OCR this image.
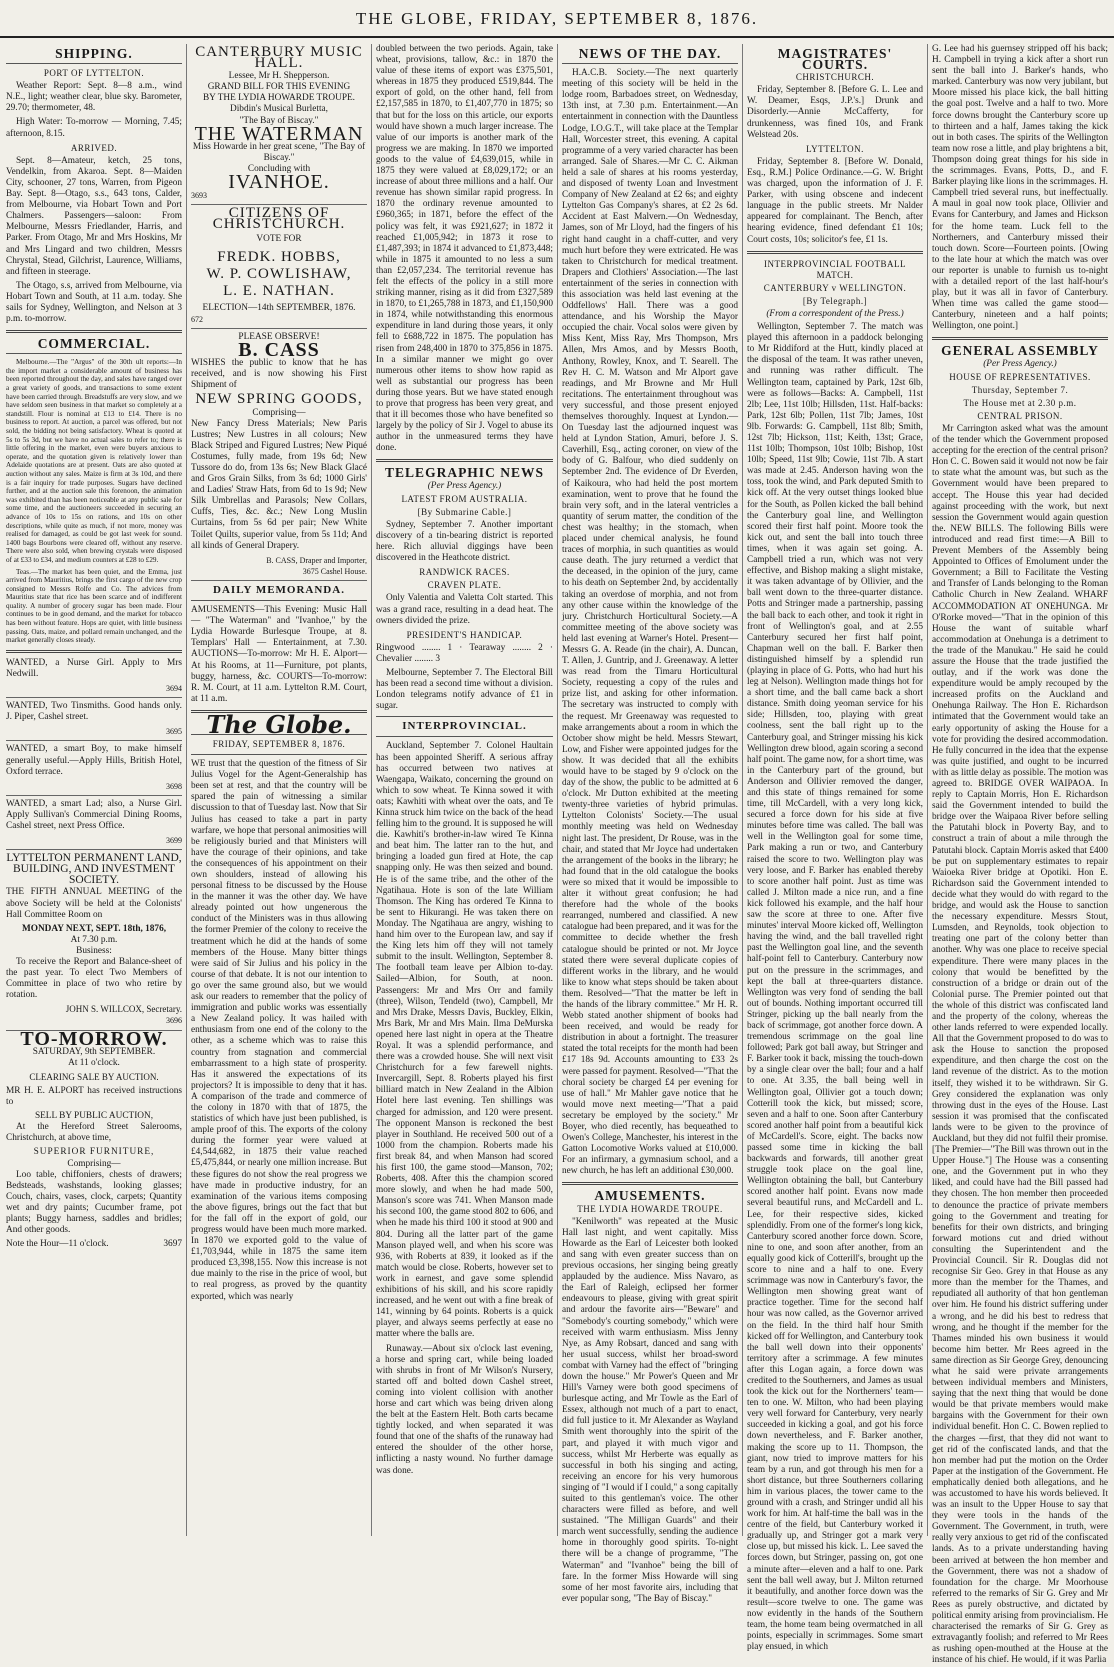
THE GLOBE, FRIDAY, SEPTEMBER 8, 1876.
SHIPPING.
PORT OF LYTTELTON.

Weather Report: Sept. 8—8 a.m., wind N.E., light; weather clear, blue sky. Barometer, 29.70; thermometer, 48.

High Water: To-morrow — Morning, 7.45; afternoon, 8.15.

ARRIVED.

Sept. 8—Amateur, ketch, 25 tons, Vendelkin, from Akaroa. Sept. 8—Maiden City, schooner, 27 tons, Warren, from Pigeon Bay. Sept. 8—Otago, s.s., 643 tons, Calder, from Melbourne, via Hobart Town and Port Chalmers. Passengers—saloon: From Melbourne, Messrs Friedlander, Harris, and Parker. From Otago, Mr and Mrs Hoskins, Mr and Mrs Lingard and two children, Messrs Chrystal, Stead, Gilchrist, Laurence, Williams, and fifteen in steerage.

The Otago, s.s, arrived from Melbourne, via Hobart Town and South, at 11 a.m. today. She sails for Sydney, Wellington, and Nelson at 3 p.m. to-morrow.

COMMERCIAL.

Melbourne.—The "Argus" of the 30th ult reports:—In the import market a considerable amount of business has been reported throughout the day, and sales have ranged over a great variety of goods, and transactions to some extent have been carried through. Breadstuffs are very slow, and we have seldom seen business in that market so completely at a standstill. Flour is nominal at £13 to £14. There is no business to report. At auction, a parcel was offered, but not sold, the bidding not being satisfactory. Wheat is quoted at 5s to 5s 3d, but we have no actual sales to refer to; there is little offering in the market, even were buyers anxious to operate, and the quotation given is relatively lower than Adelaide quotations are at present. Oats are also quoted at auction without any sales. Maize is firm at 3s 10d, and there is a fair inquiry for trade purposes. Sugars have declined further, and at the auction sale this forenoon, the animation was exhibited than has been noticeable at any public sale for some time, and the auctioneers succeeded in securing an advance of 10s to 15s on rations, and 10s on other descriptions, while quite as much, if not more, money was realised for damaged, as could be got last week for sound. 1400 bags Bourbons were cleared off, without any reserve. There were also sold, when brewing crystals were disposed of at £33 to £34, and medium counters at £28 to £29.

Teas.—The market has been quiet, and the Emma, just arrived from Mauritius, brings the first cargo of the new crop consigned to Messrs Rolfe and Co. The advices from Mauritius state that rice has been scarce and of indifferent quality. A number of grocery sugar has been made. Flour continues to be in good demand, and the market for tobacco has been without feature. Hops are quiet, with little business passing. Oats, maize, and pollard remain unchanged, and the market generally closes steady.

WANTED, a Nurse Girl. Apply to Mrs Nedwill.

3694

WANTED, Two Tinsmiths. Good hands only. J. Piper, Cashel street.

3695

WANTED, a smart Boy, to make himself generally useful.—Apply Hills, British Hotel, Oxford terrace.

3698

WANTED, a smart Lad; also, a Nurse Girl. Apply Sullivan's Commercial Dining Rooms, Cashel street, next Press Office.

3699
LYTTELTON PERMANENT LAND, BUILDING, AND INVESTMENT SOCIETY.

THE FIFTH ANNUAL MEETING of the above Society will be held at the Colonists' Hall Committee Room on

MONDAY NEXT, SEPT. 18th, 1876,
At 7.30 p.m.
Business:

To receive the Report and Balance-sheet of the past year. To elect Two Members of Committee in place of two who retire by rotation.

JOHN S. WILLCOX, Secretary.
3696
TO-MORROW.
SATURDAY, 9th SEPTEMBER.
At 11 o'clock.
CLEARING SALE BY AUCTION.

MR H. E. ALPORT has received instructions to

SELL BY PUBLIC AUCTION,

At the Hereford Street Salerooms, Christchurch, at above time,

SUPERIOR FURNITURE,
Comprising—

Loo table, chiffoniers, chests of drawers; Bedsteads, washstands, looking glasses; Couch, chairs, vases, clock, carpets; Quantity wet and dry paints; Cucumber frame, pot plants; Buggy harness, saddles and bridles; And other goods.

Note the Hour—11 o'clock.	3697
CANTERBURY MUSIC HALL.
Lessee, Mr H. Shepperson.
GRAND BILL FOR THIS EVENING
BY THE LYDIA HOWARDE TROUPE.
Dibdin's Musical Burletta,
"The Bay of Biscay."
THE WATERMAN
Miss Howarde in her great scene, "The Bay of Biscay."
Concluding with
IVANHOE.
3693
CITIZENS OF CHRISTCHURCH.
VOTE FOR
FREDK. HOBBS,
W. P. COWLISHAW,
L. E. NATHAN.
ELECTION—14th SEPTEMBER, 1876.
672
PLEASE OBSERVE!
B. CASS

WISHES the public to know that he has received, and is now showing his First Shipment of

NEW SPRING GOODS,
Comprising—

New Fancy Dress Materials; New Paris Lustres; New Lustres in all colours; New Black Striped and Figured Lustres; New Piqué Costumes, fully made, from 19s 6d; New Tussore do do, from 13s 6s; New Black Glacé and Gros Grain Silks, from 3s 6d; 1000 Girls' and Ladies' Straw Hats, from 6d to 1s 9d; New Silk Umbrellas and Parasols; New Collars, Cuffs, Ties, &c. &c.; New Long Muslin Curtains, from 5s 6d per pair; New White Toilet Quilts, superior value, from 5s 11d; And all kinds of General Drapery.

B. CASS, Draper and Importer,
3675 Cashel House.
DAILY MEMORANDA.

AMUSEMENTS—This Evening: Music Hall — "The Waterman" and "Ivanhoe," by the Lydia Howarde Burlesque Troupe, at 8. Templars' Hall — Entertainment, at 7.30. AUCTIONS—To-morrow: Mr H. E. Alport—At his Rooms, at 11—Furniture, pot plants, buggy, harness, &c. COURTS—To-morrow: R. M. Court, at 11 a.m. Lyttelton R.M. Court, at 11 a.m.

The Globe.
FRIDAY, SEPTEMBER 8, 1876.

WE trust that the question of the fitness of Sir Julius Vogel for the Agent-Generalship has been set at rest, and that the country will be spared the pain of witnessing a similar discussion to that of Tuesday last. Now that Sir Julius has ceased to take a part in party warfare, we hope that personal animosities will be religiously buried and that Ministers will have the courage of their opinions, and take the consequences of his appointment on their own shoulders, instead of allowing his personal fitness to be discussed by the House in the manner it was the other day. We have already pointed out how ungenerous the conduct of the Ministers was in thus allowing the former Premier of the colony to receive the treatment which he did at the hands of some members of the House. Many bitter things were said of Sir Julius and his policy in the course of that debate. It is not our intention to go over the same ground also, but we would ask our readers to remember that the policy of immigration and public works was essentially a New Zealand policy. It was hailed with enthusiasm from one end of the colony to the other, as a scheme which was to raise this country from stagnation and commercial embarrassment to a high state of prosperity. Has it answered the expectations of its projectors? It is impossible to deny that it has. A comparison of the trade and commerce of the colony in 1870 with that of 1875, the statistics of which have just been published, is ample proof of this. The exports of the colony during the former year were valued at £4,544,682, in 1875 their value reached £5,475,844, or nearly one million increase. But these figures do not show the real progress we have made in productive industry, for an examination of the various items composing the above figures, brings out the fact that but for the fall off in the export of gold, our progress would have been much more marked. In 1870 we exported gold to the value of £1,703,944, while in 1875 the same item produced £3,398,155. Now this increase is not due mainly to the rise in the price of wool, but to real progress, as proved by the quantity exported, which was nearly

doubled between the two periods. Again, take wheat, provisions, tallow, &c.: in 1870 the value of these items of export was £375,501, whereas in 1875 they produced £519,844. The export of gold, on the other hand, fell from £2,157,585 in 1870, to £1,407,770 in 1875; so that but for the loss on this article, our exports would have shown a much larger increase. The value of our imports is another mark of the progress we are making. In 1870 we imported goods to the value of £4,639,015, while in 1875 they were valued at £8,029,172; or an increase of about three millions and a half. Our revenue has shown similar rapid progress. In 1870 the ordinary revenue amounted to £960,365; in 1871, before the effect of the policy was felt, it was £921,627; in 1872 it reached £1,005,942; in 1873 it rose to £1,487,393; in 1874 it advanced to £1,873,448; while in 1875 it amounted to no less a sum than £2,057,234. The territorial revenue has felt the effects of the policy in a still more striking manner, rising as it did from £327,589 in 1870, to £1,265,788 in 1873, and £1,150,900 in 1874, while notwithstanding this enormous expenditure in land during those years, it only fell to £688,722 in 1875. The population has risen from 248,400 in 1870 to 375,856 in 1875. In a similar manner we might go over numerous other items to show how rapid as well as substantial our progress has been during those years. But we have stated enough to prove that progress has been very great, and that it ill becomes those who have benefited so largely by the policy of Sir J. Vogel to abuse its author in the unmeasured terms they have done.

TELEGRAPHIC NEWS
(Per Press Agency.)
LATEST FROM AUSTRALIA.
[By Submarine Cable.]

Sydney, September 7. Another important discovery of a tin-bearing district is reported here. Rich alluvial diggings have been discovered in the Heathcote district.

RANDWICK RACES.
CRAVEN PLATE.

Only Valentia and Valetta Colt started. This was a grand race, resulting in a dead heat. The owners divided the prize.

PRESIDENT'S HANDICAP.

Ringwood ........ 1 · Tearaway ........ 2 · Chevalier ........ 3

Melbourne, September 7. The Electoral Bill has been read a second time without a division. London telegrams notify advance of £1 in sugar.

INTERPROVINCIAL.

Auckland, September 7. Colonel Haultain has been appointed Sheriff. A serious affray has occurred between two natives at Waengapa, Waikato, concerning the ground on which to sow wheat. Te Kinna sowed it with oats; Kawhiti with wheat over the oats, and Te Kinna struck him twice on the back of the head felling him to the ground. It is supposed he will die. Kawhiti's brother-in-law wired Te Kinna and beat him. The latter ran to the hut, and bringing a loaded gun fired at Hote, the cap snapping only. He was then seized and bound. He is of the same tribe, and the other of the Ngatihaua. Hote is son of the late William Thomson. The King has ordered Te Kinna to be sent to Hikurangi. He was taken there on Monday. The Ngatihaua are angry, wishing to hand him over to the European law, and say if the King lets him off they will not tamely submit to the insult. Wellington, September 8. The football team leave per Albion to-day. Sailed—Albion, for South, at noon. Passengers: Mr and Mrs Orr and family (three), Wilson, Tendeld (two), Campbell, Mr and Mrs Drake, Messrs Davis, Buckley, Elkin, Mrs Bark, Mr and Mrs Main. Ilma DeMurska opened here last night in opera at the Theatre Royal. It was a splendid performance, and there was a crowded house. She will next visit Christchurch for a few farewell nights. Invercargill, Sept. 8. Roberts played his first billiard match in New Zealand in the Albion Hotel here last evening. Ten shillings was charged for admission, and 120 were present. The opponent Manson is reckoned the best player in Southland. He received 500 out of a 1000 from the champion. Roberts made his first break 84, and when Manson had scored his first 100, the game stood—Manson, 702; Roberts, 408. After this the champion scored more slowly, and when he had made 500, Manson's score was 741. When Manson made his second 100, the game stood 802 to 606, and when he made his third 100 it stood at 900 and 804. During all the latter part of the game Manson played well, and when his score was 936, with Roberts at 839, it looked as if the match would be close. Roberts, however set to work in earnest, and gave some splendid exhibitions of his skill, and his score rapidly increased, and he went out with a fine break of 141, winning by 64 points. Roberts is a quick player, and always seems perfectly at ease no matter where the balls are.

Runaway.—About six o'clock last evening, a horse and spring cart, while being loaded with shrubs in front of Mr Wilson's Nursery, started off and bolted down Cashel street, coming into violent collision with another horse and cart which was being driven along the belt at the Eastern Helt. Both carts became tightly locked, and when separated it was found that one of the shafts of the runaway had entered the shoulder of the other horse, inflicting a nasty wound. No further damage was done.

NEWS OF THE DAY.

H.A.C.B. Society.—The next quarterly meeting of this society will be held in the lodge room, Barbadoes street, on Wednesday, 13th inst, at 7.30 p.m. Entertainment.—An entertainment in connection with the Dauntless Lodge, I.O.G.T., will take place at the Templar Hall, Worcester street, this evening. A capital programme of a very varied character has been arranged. Sale of Shares.—Mr C. C. Aikman held a sale of shares at his rooms yesterday, and disposed of twenty Loan and Investment Company of New Zealand at £2 6s; and eighty Lyttelton Gas Company's shares, at £2 2s 6d. Accident at East Malvern.—On Wednesday, James, son of Mr Lloyd, had the fingers of his right hand caught in a chaff-cutter, and very much hurt before they were extricated. He was taken to Christchurch for medical treatment. Drapers and Clothiers' Association.—The last entertainment of the series in connection with this association was held last evening at the Oddfellows' Hall. There was a good attendance, and his Worship the Mayor occupied the chair. Vocal solos were given by Miss Kent, Miss Ray, Mrs Thompson, Mrs Allen, Mrs Amos, and by Messrs Booth, Anthony, Rowley, Knox, and T. Searell. The Rev H. C. M. Watson and Mr Alport gave readings, and Mr Browne and Mr Hull recitations. The entertainment throughout was very successful, and those present enjoyed themselves thoroughly. Inquest at Lyndon.—On Tuesday last the adjourned inquest was held at Lyndon Station, Amuri, before J. S. Caverhill, Esq., acting coroner, on view of the body of G. Balfour, who died suddenly on September 2nd. The evidence of Dr Everden, of Kaikoura, who had held the post mortem examination, went to prove that he found the brain very soft, and in the lateral ventricles a quantity of serum matter, the condition of the chest was healthy; in the stomach, when placed under chemical analysis, he found traces of morphia, in such quantities as would cause death. The jury returned a verdict that the deceased, in the opinion of the jury, came to his death on September 2nd, by accidentally taking an overdose of morphia, and not from any other cause within the knowledge of the jury. Christchurch Horticultural Society.—A committee meeting of the above society was held last evening at Warner's Hotel. Present—Messrs G. A. Reade (in the chair), A. Duncan, T. Allen, J. Guntrip, and J. Greenaway. A letter was read from the Timaru Horticultural Society, requesting a copy of the rules and prize list, and asking for other information. The secretary was instructed to comply with the request. Mr Greenaway was requested to make arrangements about a room in which the October show might be held. Messrs Stewart, Low, and Fisher were appointed judges for the show. It was decided that all the exhibits would have to be staged by 9 o'clock on the day of the show, the public to be admitted at 6 o'clock. Mr Dutton exhibited at the meeting twenty-three varieties of hybrid primulas. Lyttelton Colonists' Society.—The usual monthly meeting was held on Wednesday night last. The president, Dr Rouse, was in the chair, and stated that Mr Joyce had undertaken the arrangement of the books in the library; he had found that in the old catalogue the books were so mixed that it would be impossible to alter it without great confusion; he had therefore had the whole of the books rearranged, numbered and classified. A new catalogue had been prepared, and it was for the committee to decide whether the fresh catalogue should be printed or not. Mr Joyce stated there were several duplicate copies of different works in the library, and he would like to know what steps should be taken about them. Resolved—"That the matter be left in the hands of the library committee." Mr H. R. Webb stated another shipment of books had been received, and would be ready for distribution in about a fortnight. The treasurer stated the total receipts for the month had been £17 18s 9d. Accounts amounting to £33 2s were passed for payment. Resolved—"That the choral society be charged £4 per evening for use of hall." Mr Mahler gave notice that he would move next meeting—"That a paid secretary be employed by the society." Mr Boyer, who died recently, has bequeathed to Owen's College, Manchester, his interest in the Gatton Locomotive Works valued at £10,000. For an infirmary, a gymnasium school, and a new church, he has left an additional £30,000.

AMUSEMENTS.
THE LYDIA HOWARDE TROUPE.

"Kenilworth" was repeated at the Music Hall last night, and went capitally. Miss Howarde as the Earl of Leicester both looked and sang with even greater success than on previous occasions, her singing being greatly applauded by the audience. Miss Navaro, as the Earl of Raleigh, eclipsed her former endeavours to please, giving with great spirit and ardour the favorite airs—"Beware" and "Somebody's courting somebody," which were received with warm enthusiasm. Miss Jenny Nye, as Amy Robsart, danced and sang with her usual success, whilst her broad-sword combat with Varney had the effect of "bringing down the house." Mr Power's Queen and Mr Hill's Varney were both good specimens of burlesque acting, and Mr Towle as the Earl of Essex, although not much of a part to enact, did full justice to it. Mr Alexander as Wayland Smith went thoroughly into the spirit of the part, and played it with much vigor and success, whilst Mr Herberte was equally as successful in both his singing and acting, receiving an encore for his very humorous singing of "I would if I could," a song capitally suited to this gentleman's voice. The other characters were filled as before, and well sustained. "The Milligan Guards" and their march went successfully, sending the audience home in thoroughly good spirits. To-night there will be a change of programme, "The Waterman" and "Ivanhoe" being the bill of fare. In the former Miss Howarde will sing some of her most favorite airs, including that ever popular song, "The Bay of Biscay."

MAGISTRATES' COURTS.
CHRISTCHURCH.

Friday, September 8. [Before G. L. Lee and W. Deamer, Esqs, J.P.'s.] Drunk and Disorderly.—Annie McCafferty, for drunkenness, was fined 10s, and Frank Welstead 20s.

LYTTELTON.

Friday, September 8. [Before W. Donald, Esq., R.M.] Police Ordinance.—G. W. Bright was charged, upon the information of J. F. Parker, with using obscene and indecent language in the public streets. Mr Nalder appeared for complainant. The Bench, after hearing evidence, fined defendant £1 10s; Court costs, 10s; solicitor's fee, £1 1s.

INTERPROVINCIAL FOOTBALL MATCH.
CANTERBURY v WELLINGTON.
[By Telegraph.]
(From a correspondent of the Press.)

Wellington, September 7. The match was played this afternoon in a paddock belonging to Mr Riddiford at the Hutt, kindly placed at the disposal of the team. It was rather uneven, and running was rather difficult. The Wellington team, captained by Park, 12st 6lb, were as follows—Backs: A. Campbell, 11st 2lb; Lee, 11st 10lb; Hillsden, 11st. Half-backs: Park, 12st 6lb; Pollen, 11st 7lb; James, 10st 9lb. Forwards: G. Campbell, 11st 8lb; Smith, 12st 7lb; Hickson, 11st; Keith, 13st; Grace, 11st 10lb; Thompson, 10st 10lb; Bishop, 10st 10lb; Speed, 11st 9lb; Cowie, 11st 7lb. A start was made at 2.45. Anderson having won the toss, took the wind, and Park deputed Smith to kick off. At the very outset things looked blue for the South, as Pollen kicked the ball behind the Canterbury goal line, and Wellington scored their first half point. Moore took the kick out, and sent the ball into touch three times, when it was again set going. A. Campbell tried a run, which was not very effective, and Bishop making a slight mistake, it was taken advantage of by Ollivier, and the ball went down to the three-quarter distance. Potts and Stringer made a partnership, passing the ball back to each other, and took it right in front of Wellington's goal, and at 2.55 Canterbury secured her first half point, Chapman well on the ball. F. Barker then distinguished himself by a splendid run (playing in place of G. Potts, who had hurt his leg at Nelson). Wellington made things hot for a short time, and the ball came back a short distance. Smith doing yeoman service for his side; Hillsden, too, playing with great coolness, sent the ball right up to the Canterbury goal, and Stringer missing his kick Wellington drew blood, again scoring a second half point. The game now, for a short time, was in the Canterbury part of the ground, but Anderson and Ollivier removed the danger, and this state of things remained for some time, till McCardell, with a very long kick, secured a force down for his side at five minutes before time was called. The ball was well in the Wellington goal for some time, Park making a run or two, and Canterbury raised the score to two. Wellington play was very loose, and F. Barker has enabled thereby to score another half point. Just as time was called J. Milton made a nice run, and a fine kick followed his example, and the half hour saw the score at three to one. After five minutes' interval Moore kicked off, Wellington having the wind, and the ball travelled right past the Wellington goal line, and the seventh half-point fell to Canterbury. Canterbury now put on the pressure in the scrimmages, and kept the ball at three-quarters distance. Wellington was very fond of sending the ball out of bounds. Nothing important occurred till Stringer, picking up the ball nearly from the back of scrimmage, got another force down. A tremendous scrimmage on the goal line followed; Park got ball away, but Stringer and F. Barker took it back, missing the touch-down by a single clear over the ball; four and a half to one. At 3.35, the ball being well in Wellington goal, Ollivier got a touch down; Cotterill took the kick, but missed; score, seven and a half to one. Soon after Canterbury scored another half point from a beautiful kick of McCardell's. Score, eight. The backs now passed some time in kicking the ball backwards and forwards, till another great struggle took place on the goal line, Wellington obtaining the ball, but Canterbury scored another half point. Evans now made several beautiful runs, and McCardell and L. Lee, for their respective sides, kicked splendidly. From one of the former's long kick, Canterbury scored another force down. Score, nine to one, and soon after another, from an equally good kick of Cotterill's, brought up the score to nine and a half to one. Every scrimmage was now in Canterbury's favor, the Wellington men showing great want of practice together. Time for the second half hour was now called, as the Governor arrived on the field. In the third half hour Smith kicked off for Wellington, and Canterbury took the ball well down into their opponents' territory after a scrimmage. A few minutes after this Logan again, a force down was credited to the Southerners, and James as usual took the kick out for the Northerners' team—ten to one. W. Milton, who had been playing very well forward for Canterbury, very nearly succeeded in kicking a goal, and got his force down nevertheless, and F. Barker another, making the score up to 11. Thompson, the giant, now tried to improve matters for his team by a run, and got through his men for a short distance, but three Southerners collaring him in various places, the tower came to the ground with a crash, and Stringer undid all his work for him. At half-time the ball was in the centre of the field, but Canterbury worked it gradually up, and Stringer got a mark very close up, but missed his kick. L. Lee saved the forces down, but Stringer, passing on, got one a minute after—eleven and a half to one. Park sent the ball well away, but J. Milton returned it beautifully, and another force down was the result—score twelve to one. The game was now evidently in the hands of the Southern team, the home team being overmatched in all points, especially in scrimmages. Some smart play ensued, in which

G. Lee had his guernsey stripped off his back; H. Campbell in trying a kick after a short run sent the ball into J. Barker's hands, who marked. Canterbury was now very jubilant, but Moore missed his place kick, the ball hitting the goal post. Twelve and a half to two. More force downs brought the Canterbury score up to thirteen and a half, James taking the kick out in both cases. The spirits of the Wellington team now rose a little, and play brightens a bit, Thompson doing great things for his side in the scrimmages. Evans, Potts, D., and F. Barker playing like lions in the scrimmages. H. Campbell tried several runs, but ineffectually. A maul in goal now took place, Ollivier and Evans for Canterbury, and James and Hickson for the home team. Luck fell to the Northerners, and Canterbury missed their touch down. Score—Fourteen points. [Owing to the late hour at which the match was over our reporter is unable to furnish us to-night with a detailed report of the last half-hour's play, but it was all in favor of Canterbury. When time was called the game stood—Canterbury, nineteen and a half points; Wellington, one point.]

GENERAL ASSEMBLY
(Per Press Agency.)
HOUSE OF REPRESENTATIVES.
Thursday, September 7.
The House met at 2.30 p.m.
CENTRAL PRISON.

Mr Carrington asked what was the amount of the tender which the Government proposed accepting for the erection of the central prison? Hon C. C. Bowen said it would not now be fair to state what the amount was, but such as the Government would have been prepared to accept. The House this year had decided against proceeding with the work, but next session the Government would again question the. NEW BILLS. The following Bills were introduced and read first time:—A Bill to Prevent Members of the Assembly being Appointed to Offices of Emolument under the Government; a Bill to Facilitate the Vesting and Transfer of Lands belonging to the Roman Catholic Church in New Zealand. WHARF ACCOMMODATION AT ONEHUNGA. Mr O'Rorke moved—"That in the opinion of this House the want of suitable wharf accommodation at Onehunga is a detriment to the trade of the Manukau." He said he could assure the House that the trade justified the outlay, and if the work was done the expenditure would be amply recouped by the increased profits on the Auckland and Onehunga Railway. The Hon E. Richardson intimated that the Government would take an early opportunity of asking the House for a vote for providing the desired accommodation. He fully concurred in the idea that the expense was quite justified, and ought to be incurred with as little delay as possible. The motion was agreed to. BRIDGE OVER WAIPAOA. In reply to Captain Morris, Hon E. Richardson said the Government intended to build the bridge over the Waipaoa River before selling the Patutahi block in Poverty Bay, and to construct a train of about a mile through the Patutahi block. Captain Morris asked that £400 be put on supplementary estimates to repair Waioeka River bridge at Opotiki. Hon E. Richardson said the Government intended to decide what they would do with regard to the bridge, and would ask the House to sanction the necessary expenditure. Messrs Stout, Lumsden, and Reynolds, took objection to treating one part of the colony better than another. Why was one place to receive special expenditure. There were many places in the colony that would be benefitted by the construction of a bridge or drain out of the Colonial purse. The Premier pointed out that the whole of this district was confiscated land and the property of the colony, whereas the other lands referred to were expended locally. All that the Government proposed to do was to ask the House to sanction the proposed expenditure, and then charge the cost on the land revenue of the district. As to the motion itself, they wished it to be withdrawn. Sir G. Grey considered the explanation was only throwing dust in the eyes of the House. Last session it was promised that the confiscated lands were to be given to the province of Auckland, but they did not fulfil their promise. [The Premier—"The Bill was thrown out in the Upper House."] The House was a consenting one, and the Government put in who they liked, and could have had the Bill passed had they chosen. The hon member then proceeded to denounce the practice of private members going to the Government and treating for benefits for their own districts, and bringing forward motions cut and dried without consulting the Superintendent and the Provincial Council. Sir R. Douglas did not recognise Sir Geo. Grey in that House as any more than the member for the Thames, and repudiated all authority of that hon gentleman over him. He found his district suffering under a wrong, and he did his best to redress that wrong, and he thought if the member for the Thames minded his own business it would become him better. Mr Rees agreed in the same direction as Sir George Grey, denouncing what he said were private arrangements between individual members and Ministers, saying that the next thing that would be done would be that private members would make bargains with the Government for their own individual benefit. Hon C. C. Bowen replied to the charges —first, that they did not want to get rid of the confiscated lands, and that the hon member had put the motion on the Order Paper at the instigation of the Government. He emphatically denied both allegations, and he was accustomed to have his words believed. It was an insult to the Upper House to say that they were tools in the hands of the Government. The Government, in truth, were really very anxious to get rid of the confiscated lands. As to a private understanding having been arrived at between the hon member and the Government, there was not a shadow of foundation for the charge. Mr Moorhouse referred to the remarks of Sir G. Grey and Mr Rees as purely obstructive, and dictated by political enmity arising from provincialism. He characterised the remarks of Sir G. Grey as extravagantly foolish; and referred to Mr Rees as rushing open-mouthed at the House at the instance of his chief. He would, if it was Parlia
